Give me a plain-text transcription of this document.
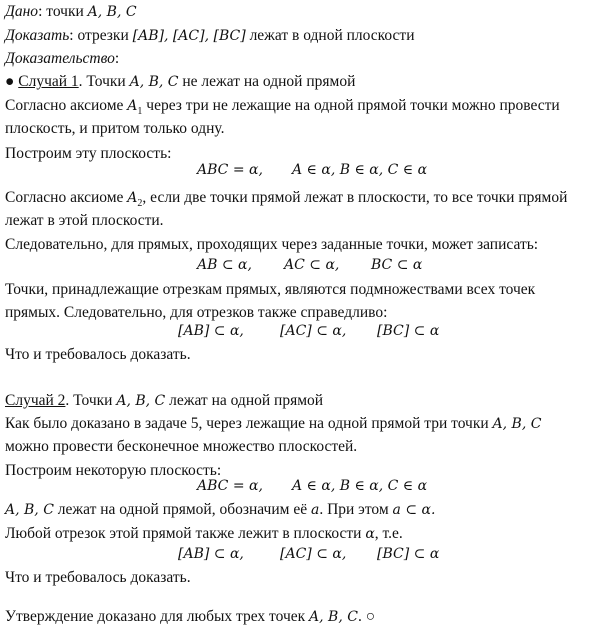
Дано: точки A, B, C
Доказать: отрезки [AB], [AC], [BC] лежат в одной плоскости
Доказательство:
● Случай 1. Точки A, B, C не лежат на одной прямой
Согласно аксиоме $A_1$ через три не лежащие на одной прямой точки можно провести
плоскость, и притом только одну.
Построим эту плоскость:
ABC = α, A ∈ α, B ∈ α, C ∈ α
Согласно аксиоме $A_2$, если две точки прямой лежат в плоскости, то все точки прямой
лежат в этой плоскости.
Следовательно, для прямых, проходящих через заданные точки, может записать:
AB ⊂ α, AC ⊂ α, BC ⊂ α
Точки, принадлежащие отрезкам прямых, являются подмножествами всех точек
прямых. Следовательно, для отрезков также справедливо:
[AB] ⊂ α,	[AC] ⊂ α, [BC] ⊂ α
Что и требовалось доказать.
Случай 2. Точки A, B, C лежат на одной прямой
Как было доказано в задаче 5, через лежащие на одной прямой три точки A, B, C
можно провести бесконечное множество плоскостей.
Построим некоторую плоскость:
ABC = α, A ∈ α, B ∈ α, C ∈ α
A, B, C лежат на одной прямой, обозначим её a. При этом a ⊂ α.
Любой отрезок этой прямой также лежит в плоскости α, т.е.
[AB] ⊂ α,	[AC] ⊂ α, [BC] ⊂ α
Что и требовалось доказать.
Утверждение доказано для любых трех точек A, B, C. ○
